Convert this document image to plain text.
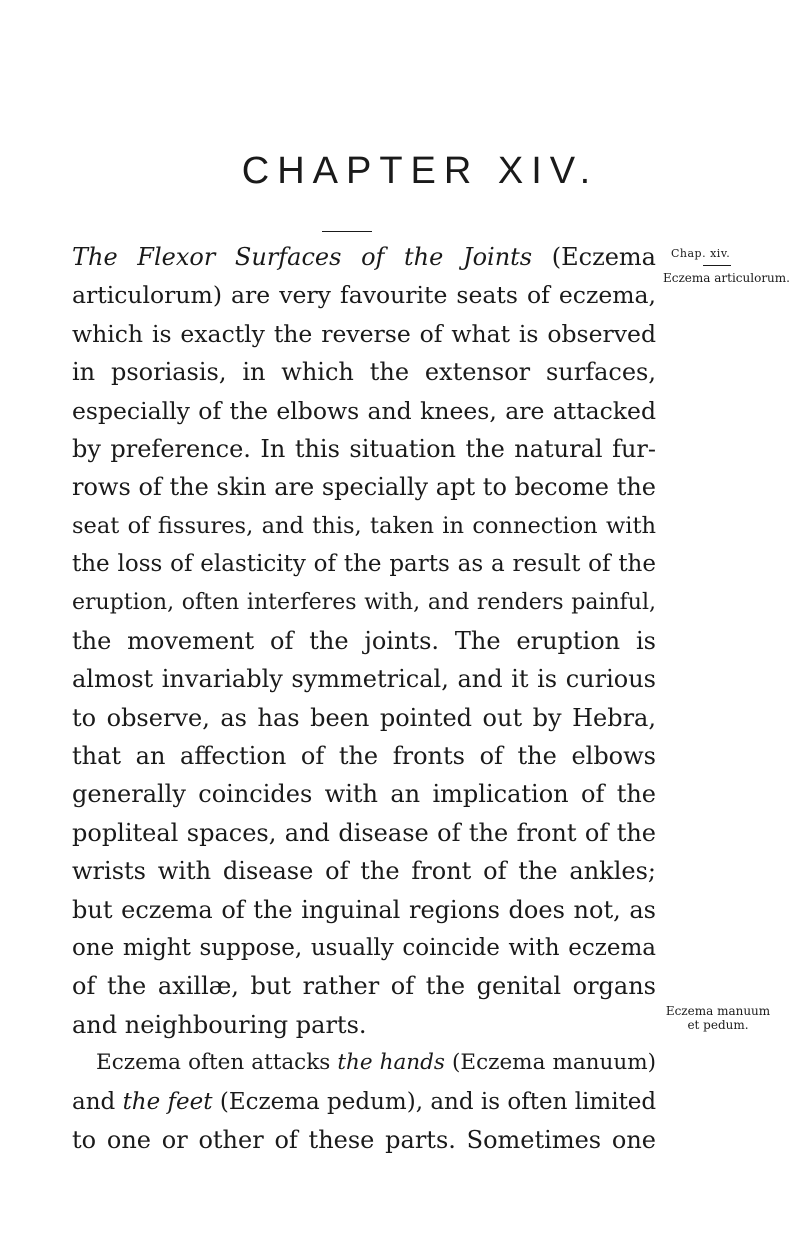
CHAPTER XIV.

Chap. xiv.

Eczema articulorum.

Eczema manuum
et pedum.

The Flexor Surfaces of the Joints (Eczema
articulorum) are very favourite seats of eczema,
which is exactly the reverse of what is observed
in psoriasis, in which the extensor surfaces,
especially of the elbows and knees, are attacked
by preference. In this situation the natural fur-
rows of the skin are specially apt to become the
seat of fissures, and this, taken in connection with
the loss of elasticity of the parts as a result of the
eruption, often interferes with, and renders painful,
the movement of the joints. The eruption is
almost invariably symmetrical, and it is curious
to observe, as has been pointed out by Hebra,
that an affection of the fronts of the elbows
generally coincides with an implication of the
popliteal spaces, and disease of the front of the
wrists with disease of the front of the ankles;
but eczema of the inguinal regions does not, as
one might suppose, usually coincide with eczema
of the axillæ, but rather of the genital organs
and neighbouring parts.
Eczema often attacks the hands (Eczema manuum)
and the feet (Eczema pedum), and is often limited
to one or other of these parts. Sometimes one
